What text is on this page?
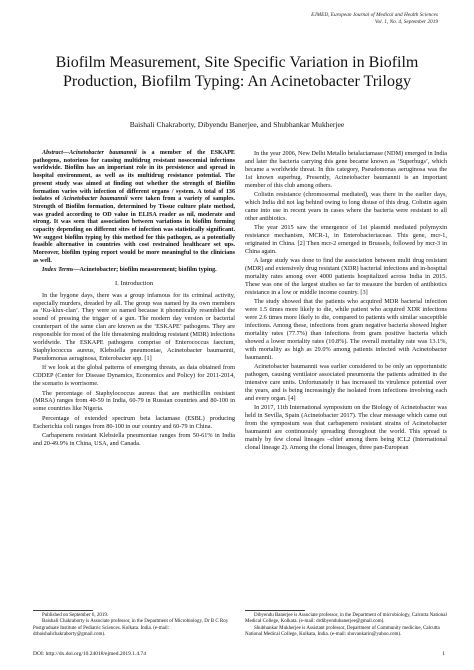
EJMED, European Journal of Medical and Health Sciences
Vol. 1, No. 4, September 2019
Biofilm Measurement, Site Specific Variation in Biofilm Production, Biofilm Typing: An Acinetobacter Trilogy
Baishali Chakraborty, Dibyendu Banerjee, and Shubhankar Mukherjee

Abstract—Acinetobacter baumannii is a member of the ESKAPE pathogens, notorious for causing multidrug resistant nosocomial infections worldwide. Biofilm has an important role in its persistence and spread in hospital environment, as well as its multidrug resistance potential. The present study was aimed at finding out whether the strength of Biofilm formation varies with infection of different organs / system. A total of 136 isolates of Acinetobacter baumannii were taken from a variety of samples. Strength of Biofilm formation, determined by Tissue culture plate method, was graded according to OD value in ELISA reader as nil, moderate and strong. It was seen that association between variations in biofilm forming capacity depending on different sites of infection was statistically significant. We suggest biofilm typing by this method for this pathogen, as a potentially feasible alternative in countries with cost restrained healthcare set ups. Moreover, biofilm typing report would be more meaningful to the clinicians as well.

Index Terms—Acinetobacter; biofilm measurement; biofilm typing.

I. Introduction

In the bygone days, there was a group infamous for its criminal activity, especially murders, dreaded by all. The group was named by its own members as ‘Ku-klux-clan’. They were so named because it phonetically resembled the sound of pressing the trigger of a gun. The modern day version or bacterial counterpart of the same clan are known as the ‘ESKAPE’ pathogens. They are responsible for most of the life threatening multidrug resistant (MDR) infections worldwide. The ESKAPE pathogens comprise of Enterococcus faecium, Staphylococcus aureus, Klebsiella pneumoniae, Acinetobacter baumannii, Pseudomonas aeruginosa, Enterobacter spp. [1]

If we look at the global patterns of emerging threats, as data obtained from CDDEP (Center for Disease Dynamics, Economics and Policy) for 2011-2014, the scenario is worrisome.

The percentage of Staphylococcus aureus that are methicillin resistant (MRSA) ranges from 40-59 in India, 60-79 in Russian countries and 80-100 in some countries like Nigeria.

Percentage of extended spectrum beta lactamase (ESBL) producing Escherichia coli ranges from 80-100 in our country and 60-79 in China.

Carbapenem resistant Klebsiella pneumoniae ranges from 50-61% in India and 20-49.9% in China, USA, and Canada.

In the year 2006, New Delhi Metallo betalactamase (NDM) emerged in India and later the bacteria carrying this gene became known as ‘Superbugs’, which became a worldwide threat. In this category, Pseudomonas aeruginosa was the 1st known superbug. Presently, Acinetobacter baumannii is an important member of this club among others.

Colistin resistance (chromosomal mediated), was there in the earlier days, which India did not lag behind owing to long disuse of this drug. Colistin again came into use in recent years in cases where the bacteria were resistant to all other antibiotics.

The year 2015 saw the emergence of 1st plasmid mediated polymyxin resistance mechanism, MCR-1, in Enterobacteriaceae. This gene, mcr-1, originated in China. [2] Then mcr-2 emerged in Brussels, followed by mcr-3 in China again.

A large study was done to find the association between multi drug resistant (MDR) and extensively drug resistant (XDR) bacterial infections and in-hospital mortality rates among over 4000 patients hospitalized across India in 2015. These was one of the largest studies so far to measure the burden of antibiotics resistance in a low or middle income country. [3]

The study showed that the patients who acquired MDR bacterial infection were 1.5 times more likely to die, while patient who acquired XDR infections were 2.6 times more likely to die, compared to patients with similar susceptible infections. Among these, infections from gram negative bacteria showed higher mortality rates (77.7%) than infections from gram positive bacteria which showed a lower mortality rates (10.8%). The overall mortality rate was 13.1%, with mortality as high as 29.0% among patients infected with Acinetobacter baumannii.

Acinetobacter baumannii was earlier considered to be only an opportunistic pathogen, causing ventilator associated pneumonia the patients admitted in the intensive care units. Unfortunately it has increased its virulence potential over the years, and is being increasingly the isolated from infections involving each and every organ. [4]

In 2017, 11th International symposium on the Biology of Acinetobacter was held in Sevilla, Spain (Acinetobacter 2017). The clear message which came out from the symposium was that carbapenem resistant strains of Acinetobacter baumannii are continuously spreading throughout the world. This spread is mainly by few clonal lineages –chief among them being ICL2 (International clonal lineage 2). Among the clonal lineages, three pan-European

Published on September 6, 2019.

Baishali Chakraborty is Associate professor, in the Department of Microbiology, Dr B C Roy Postgraduate Institute of Pediatric Sciences. Kolkata. India. (e-mail: drbaishalichakraborty@gmail.com).

Dibyendu Banerjee is Associate professor, in the Department of microbiology, Calcutta National Medical College, Kolkata. (e-mail: drdibyendubanerjee@gmail.com).

Shubhankar Mukherjee is Assistant professor, Department of Community medicine, Calcutta National Medical College, Kolkata, India. (e-mail: shuvankarin@yahoo.com).

DOI: http://dx.doi.org/10.24018/ejmed.2019.1.4.74	1
